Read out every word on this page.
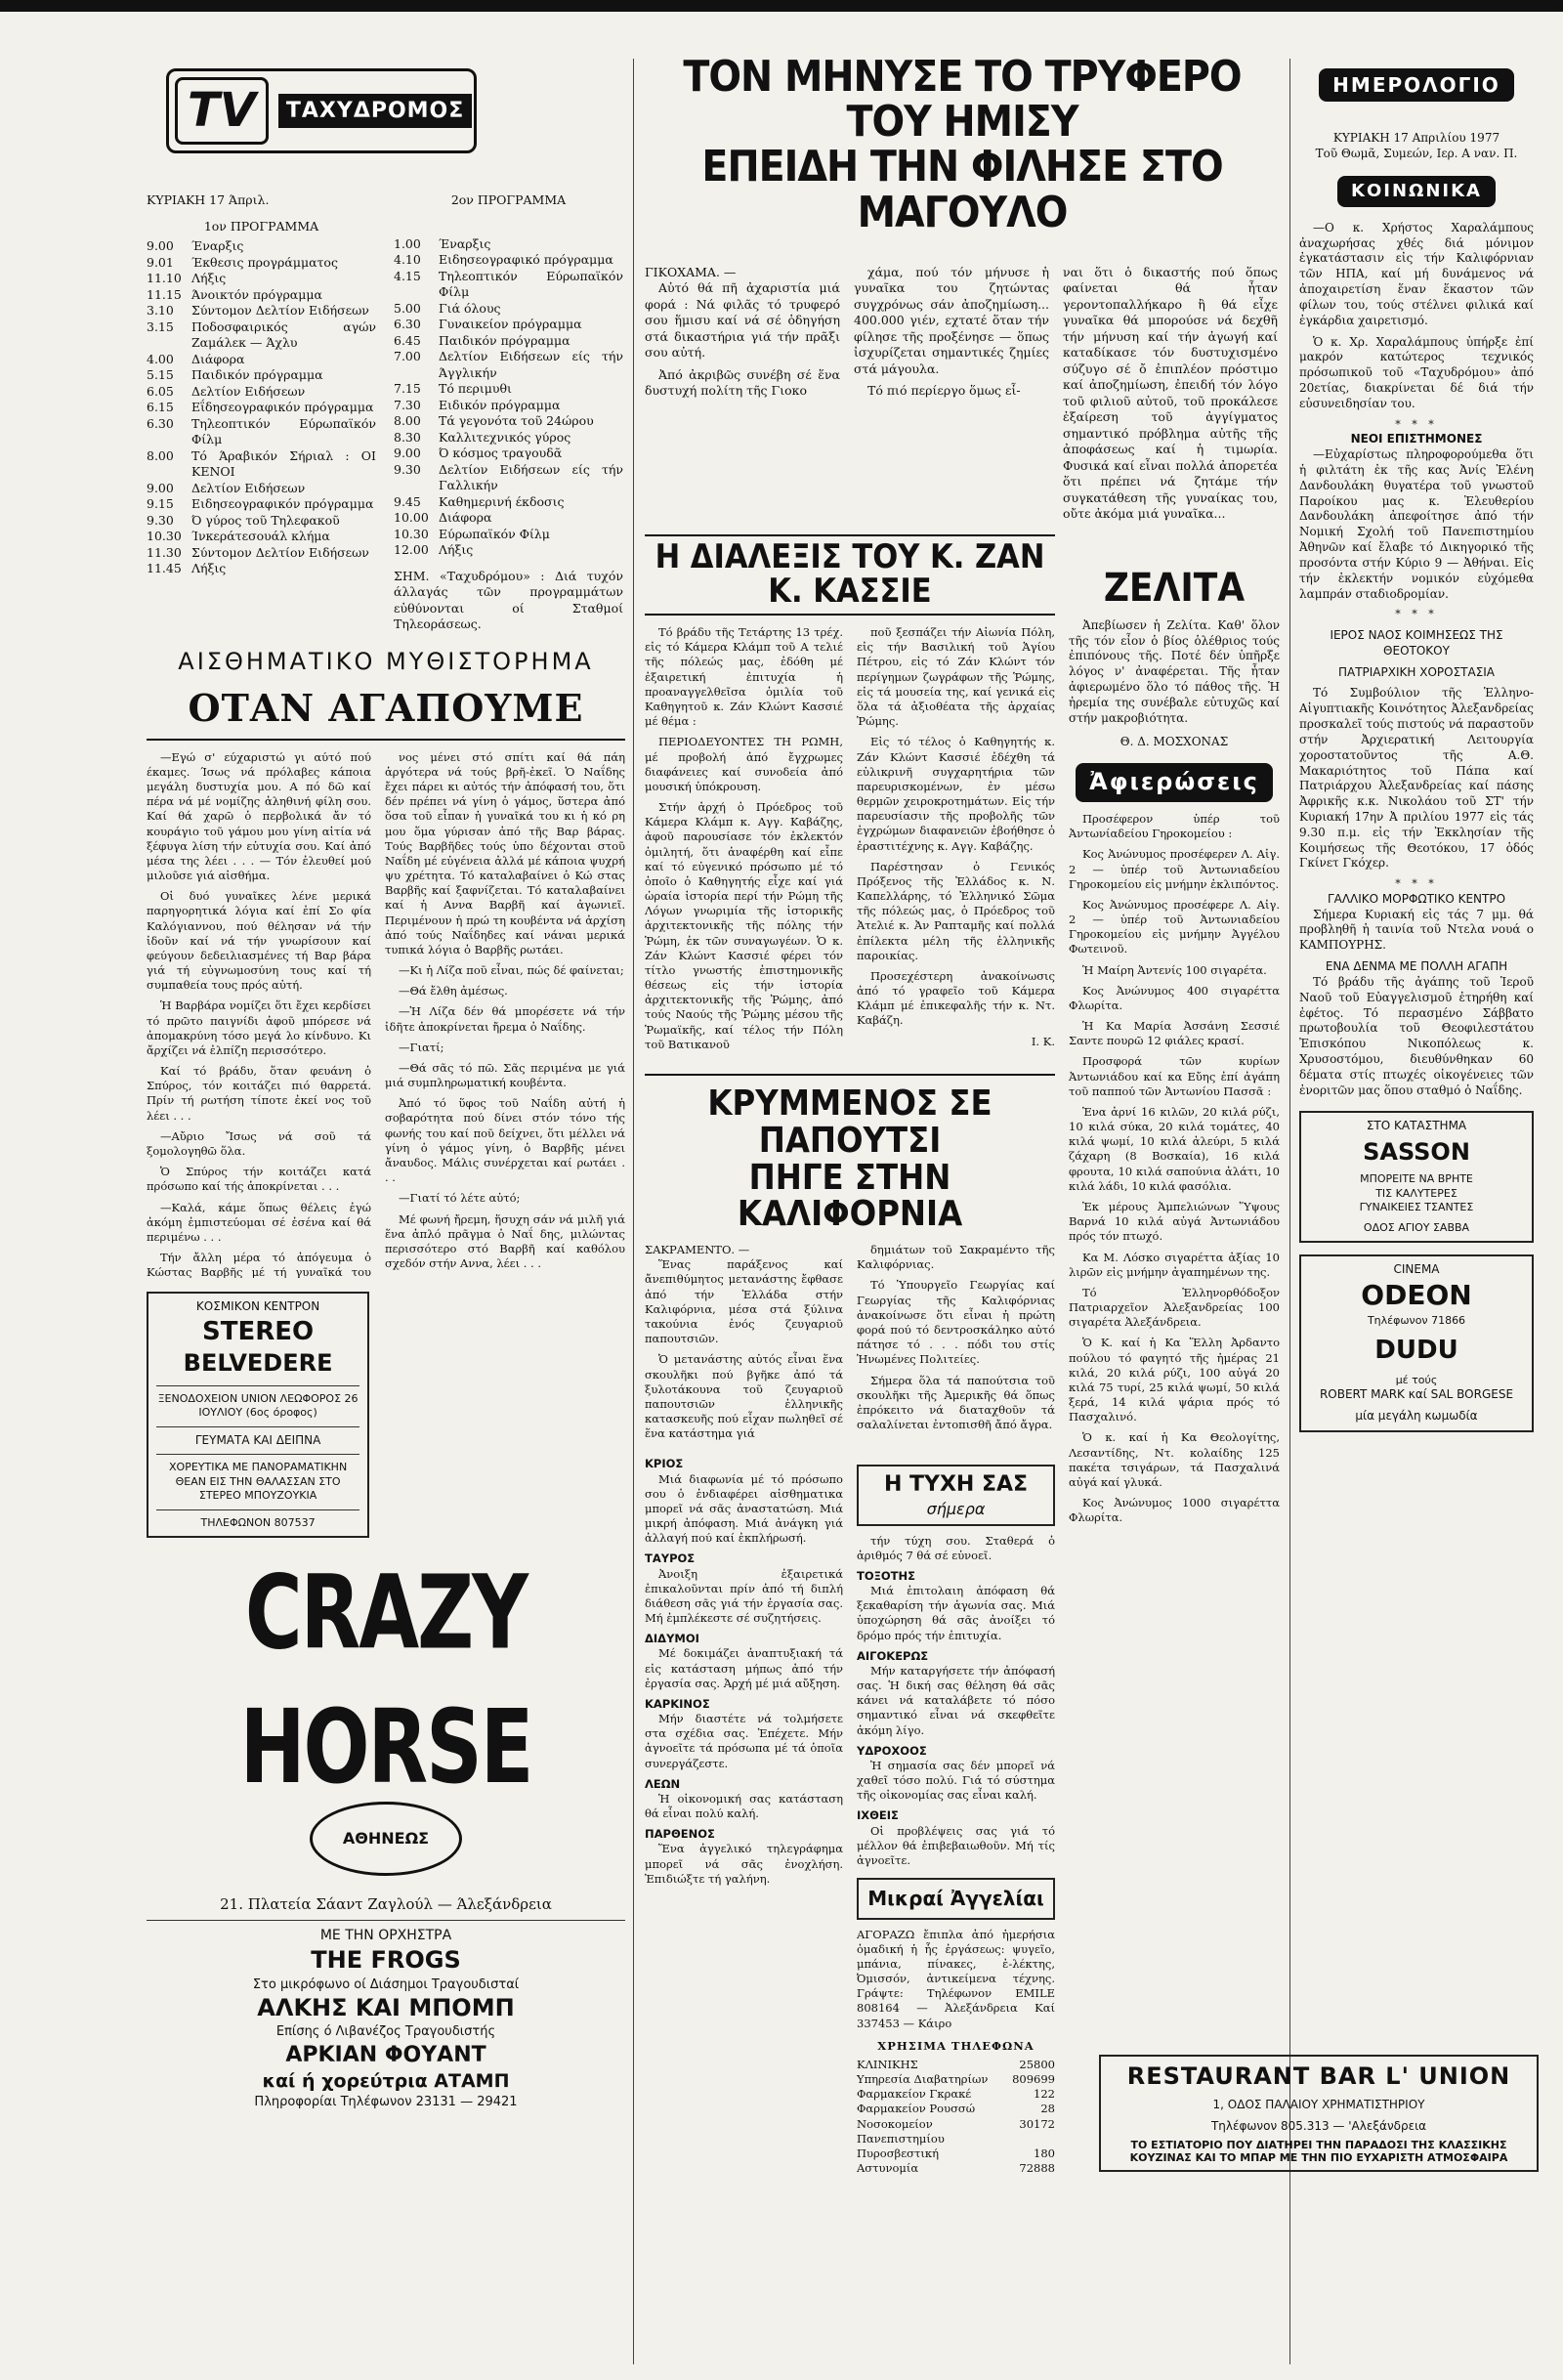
TV	ΤΑΧΥΔΡΟΜΟΣ
ΚΥΡΙΑΚΗ 17 Άπριλ.
1ον ΠΡΟΓΡΑΜΜΑ
9.00	Έναρξις
9.01	Έκθεσις προγράμματος
11.10 Λήξις
11.15 Άνοικτόν πρόγραμμα
3.10	Σύντομον Δελτίον Ειδήσεων
3.15	Ποδοσφαιρικός αγών Ζαμάλεκ — Άχλυ
4.00	Διάφορα
5.15	Παιδικόν πρόγραμμα
6.05	Δελτίον Ειδήσεων
6.15	Εΐδησεογραφικόν πρόγραμμα
6.30	Τηλεοπτικόν Εύρωπαϊκόν Φίλμ
8.00	Τό Άραβικόν Σήριαλ : ΟΙ ΚΕΝΟΙ
9.00	Δελτίον Ειδήσεων
9.15	Ειδησεογραφικόν πρόγραμμα
9.30	Ό γύρος τοῦ Τηλεφακοῦ
10.30 Ίνκεράτεσουάλ κλήμα
11.30 Σύντομον Δελτίον Ειδήσεων
11.45 Λήξις
2ον ΠΡΟΓΡΑΜΜΑ
1.00	Έναρξις
4.10	Ειδησεογραφικό πρόγραμμα
4.15	Τηλεοπτικόν Εύρωπαϊκόν Φίλμ
5.00	Γιά όλους
6.30	Γυναικείον πρόγραμμα
6.45	Παιδικόν πρόγραμμα
7.00	Δελτίον Ειδήσεων είς τήν Άγγλικήν
7.15	Τό περιμυθι
7.30	Ειδικόν πρόγραμμα
8.00	Τά γεγονότα τοῦ 24ώρου
8.30	Καλλιτεχνικός γύρος
9.00	Ό κόσμος τραγουδᾶ
9.30	Δελτίον Ειδήσεων είς τήν Γαλλικήν
9.45	Καθημερινή έκδοσις
10.00 Διάφορα
10.30 Εύρωπαϊκόν Φίλμ
12.00 Λήξις
ΣΗΜ. «Ταχυδρόμου» : Διά τυχόν άλλαγάς τῶν προγραμμάτων εὐθύνονται οί Σταθμοί Τηλεοράσεως.
ΑΙΣΘΗΜΑΤΙΚΟ ΜΥΘΙΣΤΟΡΗΜΑ
ΟΤΑΝ ΑΓΑΠΟΥΜΕ

—Εγώ σ' εύχαριστώ γι αύτό πού έκαμες. Ίσως νά πρόλαβες κάποια μεγάλη δυστυχία μου. Α πό δῶ καί πέρα νά μέ νομίζης ἀληθινή φίλη σου. Καί θά χαρῶ ὁ περβολικά ἄν τό κουράγιο τοῦ γάμου μου γίνη αἰτία νά ξέφυγα λίση τήν εὐτυχία σου. Καί ἀπό μέσα της λέει . . . — Τόν ἐλευθεί μού μιλοῦσε γιά αἰσθήμα.

Οἱ δυό γυναῖκες λένε μερικά παρηγορητικά λόγια καί ἐπί Σο φία Καλόγιαννου, πού θέλησαν νά τήν ἰδοῦν καί νά τήν γνωρίσουν καί φεύγουν δεδειλιασμένες τή Βαρ βάρα γιά τή εὐγνωμοσύνη τους καί τή συμπαθεία τους πρός αὐτή.

Ἡ Βαρβάρα νομίζει ὅτι ἔχει κερδίσει τό πρῶτο παιγνίδι ἀφοῦ μπόρεσε νά ἀπομακρύνη τόσο μεγά λο κίνδυνο. Κι ἄρχίζει νά ἐλπίζη περισσότερο.

Καί τό βράδυ, ὅταν φευάνη ὁ Σπύρος, τόν κοιτάζει πιό θαρρετά. Πρίν τή ρωτήση τίποτε ἐκεί νος τοῦ λέει . . .

—Αὔριο Ἴσως νά σοῦ τά ξομολογηθῶ ὅλα.

Ὁ Σπύρος τήν κοιτάζει κατά πρόσωπο καί τής ἀποκρίνεται . . .

—Καλά, κάμε ὅπως θέλεις ἐγώ ἀκόμη ἐμπιστεύομαι σέ ἐσένα καί θά περιμένω . . .

Τήν ἄλλη μέρα τό ἀπόγευμα ὁ Κώστας Βαρβῆς μέ τή γυναῖκά του

νος μένει στό σπίτι καί θά πάη ἀργότερα νά τούς βρῆ-ἐκεῖ. Ὁ Ναΐδης ἔχει πάρει κι αὐτός τήν ἀπόφασή του, ὅτι δέν πρέπει νά γίνη ὁ γάμος, ὕστερα ἀπό ὅσα τοῦ εἶπαν ἡ γυναῖκά του κι ἡ κό ρη μου ὅμα γύρισαν ἀπό τῆς Βαρ βάρας. Τούς Βαρβῆδες τούς ὑπο δέχονται στοῦ Ναΐδη μέ εὐγένεια ἀλλά μέ κάποια ψυχρή ψυ χρέτητα. Τό καταλαβαίνει ὁ Κώ στας Βαρβῆς καί ξαφνίζεται. Τό καταλαβαίνει καί ἡ Αννα Βαρβῆ καί ἀγωνιεῖ. Περιμένουν ἡ πρώ τη κουβέντα νά ἀρχίση ἀπό τούς Ναΐδηδες καί νάναι μερικά τυπικά λόγια ὁ Βαρβῆς ρωτάει.

—Κι ἡ Λίζα ποῦ εἶναι, πώς δέ φαίνεται;

—Θά ἔλθη ἀμέσως.

—Ἡ Λίζα δέν θά μπορέσετε νά τήν ἰδῆτε ἀποκρίνεται ἤρεμα ὁ Ναΐδης.

—Γιατί;

—Θά σᾶς τό πῶ. Σᾶς περιμένα με γιά μιά συμπληρωματική κουβέντα.

Ἀπό τό ὕφος τοῦ Ναΐδη αὐτή ἡ σοβαρότητα πού δίνει στόν τόνο τής φωνής του καί ποῦ δείχνει, ὅτι μέλλει νά γίνη ὁ γάμος γίνη, ὁ Βαρβῆς μένει ἄναυδος. Μάλις συνέρχεται καί ρωτάει . . .

—Γιατί τό λέτε αὐτό;

Μέ φωνή ἤρεμη, ἥσυχη σάν νά μιλῆ γιά ἕνα ἁπλό πρᾶγμα ὁ Ναΐ δης, μιλώντας περισσότερο στό Βαρβῆ καί καθόλου σχεδόν στήν Αννα, λέει . . .

ΚΟΣΜΙΚΟΝ ΚΕΝΤΡΟΝ
STEREO
BELVEDERE
ΞΕΝΟΔΟΧΕΙΟΝ UNION ΛΕΩΦΟΡΟΣ 26 ΙΟΥΛΙΟΥ (6ος όροφος)
ΓΕΥΜΑΤΑ ΚΑΙ ΔΕΙΠΝΑ
ΧΟΡΕΥΤΙΚΑ ΜΕ ΠΑΝΟΡΑΜΑΤΙΚΗΝ ΘΕΑΝ ΕΙΣ ΤΗΝ ΘΑΛΑΣΣΑΝ ΣΤΟ ΣΤΕΡΕΟ ΜΠΟΥΖΟΥΚΙΑ
ΤΗΛΕΦΩΝΟΝ 807537
CRAZY HORSE
ΑΘΗΝΕΩΣ
21. Πλατεία Σάαντ Ζαγλούλ — Άλεξάνδρεια
ΜΕ ΤΗΝ ΟΡΧΗΣΤΡΑ
THE FROGS
Στο μικρόφωνο οί Διάσημοι Τραγουδισταί
ΑΛΚΗΣ ΚΑΙ ΜΠΟΜΠ
Επίσης ό Λιβανέζος Τραγουδιστής
ΑΡΚΙΑΝ ΦΟΥΑΝΤ
καί ή χορεύτρια ΑΤΑΜΠ
Πληροφορίαι Τηλέφωνον 23131 — 29421
ΤΟΝ ΜΗΝΥΣΕ ΤΟ ΤΡΥΦΕΡΟ ΤΟΥ ΗΜΙΣΥ
ΕΠΕΙΔΗ ΤΗΝ ΦΙΛΗΣΕ ΣΤΟ ΜΑΓΟΥΛΟ
ΓΙΚΟΧΑΜΑ. —

Αὐτό θά πῆ ἀχαριστία μιά φορά : Νά φιλᾶς τό τρυφερό σου ἥμισυ καί νά σέ ὁδηγήση στά δικαστήρια γιά τήν πρᾶξι σου αὐτή.

Ἀπό ἀκριβῶς συνέβη σέ ἕνα δυστυχή πολίτη τῆς Γιοκο

χάμα, πού τόν μήνυσε ἡ γυναῖκα του ζητώντας συγχρόνως σάν ἀποζημίωση... 400.000 γιέν, εχτατέ ὅταν τήν φίλησε τῆς προξένησε — ὅπως ἰσχυρίζεται σημαντικές ζημίες στά μάγουλα.

Τό πιό περίεργο ὅμως εἶ-

ναι ὅτι ὁ δικαστής πού ὅπως φαίνεται θά ἦταν γεροντοπαλλήκαρο ἢ θά εἶχε γυναῖκα θά μπορούσε νά δεχθῆ τήν μήνυση καί τήν ἀγωγή καί καταδίκασε τόν δυστυχισμένο σύζυγο σέ ὄ ἐπιπλέον πρόστιμο καί ἀποζημίωση, ἐπειδή τόν λόγο τοῦ φιλιοῦ αὐτοῦ, τοῦ προκάλεσε ἐξαίρεση τοῦ ἀγγίγματος σημαντικό πρόβλημα αὐτῆς τῆς ἀποφάσεως καί ἡ τιμωρία. Φυσικά καί εἶναι πολλά ἀπορετέα ὅτι πρέπει νά ζητάμε τήν συγκατάθεση τῆς γυναίκας του, οὔτε ἀκόμα μιά γυναῖκα...

Η ΔΙΑΛΕΞΙΣ ΤΟΥ Κ. ΖΑΝ Κ. ΚΑΣΣΙΕ

Τό βράδυ τῆς Τετάρτης 13 τρέχ. εἰς τό Κάμερα Κλάμπ τοῦ Α τελιέ τῆς πόλεώς μας, ἐδόθη μέ ἐξαιρετική ἐπιτυχία ἡ προαναγγελθεῖσα ὁμιλία τοῦ Καθηγητοῦ κ. Ζάν Κλώντ Κασσιέ μέ θέμα :

ΠΕΡΙΟΔΕΥΟΝΤΕΣ ΤΗ ΡΩΜΗ, μέ προβολή ἀπό ἔγχρωμες διαφάνειες καί συνοδεία ἀπό μουσική ὑπόκρουση.

Στήν ἀρχή ὁ Πρόεδρος τοῦ Κάμερα Κλάμπ κ. Αγγ. Καβάζης, ἀφοῦ παρουσίασε τόν ἐκλεκτόν ὁμιλητή, ὅτι ἀναφέρθη καί εἶπε καί τό εὐγενικό πρόσωπο μέ τό ὁποῖο ὁ Καθηγητής εἶχε καί γιά ὡραία ἱστορία περί τήν Ρώμη τῆς Λόγων γνωριμία τῆς ἱστορικῆς ἀρχιτεκτονικῆς τῆς πόλης τήν Ῥώμη, ἐκ τῶν συναγωγέων. Ὁ κ. Ζάν Κλώντ Κασσιέ φέρει τόν τίτλο γνωστής ἐπιστημονικῆς θέσεως εἰς τήν ἱστορία ἀρχιτεκτονικῆς τῆς Ῥώμης, ἀπό τούς Ναούς τῆς Ῥώμης μέσου τῆς Ῥωμαϊκῆς, καί τέλος τήν Πόλη τοῦ Βατικανοῦ

ποῦ ξεσπάζει τήν Αἰωνία Πόλη, εἰς τήν Βασιλική τοῦ Ἁγίου Πέτρου, εἰς τό Ζάν Κλώντ τόν περίγημων ζωγράφων τῆς Ῥώμης, εἰς τά μουσεία της, καί γενικά εἰς ὅλα τά ἀξιοθέατα τῆς ἀρχαίας Ῥώμης.

Εἰς τό τέλος ὁ Καθηγητής κ. Ζάν Κλώντ Κασσιέ ἐδέχθη τά εὐλικρινῆ συγχαρητήρια τῶν παρευρισκομένων, ἐν μέσω θερμῶν χειροκροτημάτων. Εἰς τήν παρευσίασιν τῆς προβολῆς τῶν ἐγχρώμων διαφανειῶν ἐβοήθησε ὁ ἐραστιτέχνης κ. Αγγ. Καβάζης.

Παρέστησαν ὁ Γενικός Πρόξενος τῆς Ἑλλάδος κ. Ν. Καπελλάρης, τό Ἑλληνικό Σῶμα τῆς πόλεώς μας, ὁ Πρόεδρος τοῦ Ἀτελιέ κ. Ἀν Ραπταμῆς καί πολλά ἐπίλεκτα μέλη τῆς ἑλληνικῆς παροικίας.

Προσεχέστερη ἀνακοίνωσις ἀπό τό γραφεῖο τοῦ Κάμερα Κλάμπ μέ ἐπικεφαλῆς τήν κ. Ντ. Καβάζη.

Ι. Κ.
ΚΡΥΜΜΕΝΟΣ ΣΕ ΠΑΠΟΥΤΣΙ
ΠΗΓΕ ΣΤΗΝ ΚΑΛΙΦΟΡΝΙΑ
ΣΑΚΡΑΜΕΝΤΟ. —

Ἕνας παράξενος καί ἄνεπιθύμητος μετανάστης ἔφθασε ἀπό τήν Ἑλλάδα στήν Καλιφόρνια, μέσα στά ξύλινα τακούνια ἑνός ζευγαριοῦ παπουτσιῶν.

Ὁ μετανάστης αὐτός εἶναι ἕνα σκουλῆκι πού βγῆκε ἀπό τά ξυλοτάκουνα τοῦ ζευγαριοῦ παπουτσιῶν ἑλληνικῆς κατασκευῆς πού εἶχαν πωληθεῖ σέ ἕνα κατάστημα γιά

δημιάτων τοῦ Σακραμέντο τῆς Καλιφόρνιας.

Τό Ὑπουργεῖο Γεωργίας καί Γεωργίας τῆς Καλιφόρνιας ἀνακοίνωσε ὅτι εἶναι ἡ πρώτη φορά πού τό δεντροσκάληκο αὐτό πάτησε τό . . . πόδι του στίς Ἡνωμένες Πολιτείες.

Σήμερα ὅλα τά παπούτσια τοῦ σκουλῆκι τῆς Ἀμερικῆς θά ὅπως ἐπρόκειτο νά διαταχθοῦν τά σαλαλίνεται ἐντοπισθῆ ἄπό ἄγρα.

ΚΡΙΟΣ

Μιά διαφωνία μέ τό πρόσωπο σου ὁ ἐνδιαφέρει αἰσθηματικα μπορεῖ νά σᾶς ἀναστατώση. Μιά μικρή ἀπόφαση. Μιά ἀνάγκη γιά ἀλλαγή πού καί ἐκπλήρωσή.

ΤΑΥΡΟΣ

Ἀνοιξη ἐξαιρετικά ἐπικαλοῦνται πρίν ἀπό τή διπλή διάθεση σᾶς γιά τήν ἐργασία σας. Μή ἐμπλέκεστε σέ συζητήσεις.

ΔΙΔΥΜΟΙ

Μέ δοκιμάζει ἀναπτυξιακή τά εἰς κατάσταση μήπως ἀπό τήν ἐργασία σας. Ἀρχή μέ μιά αὔξηση.

ΚΑΡΚΙΝΟΣ

Μήν διαστέτε νά τολμήσετε στα σχέδια σας. Ἐπέχετε. Μήν ἀγνοεῖτε τά πρόσωπα μέ τά ὁποῖα συνεργάζεστε.

ΛΕΩΝ

Ἡ οἰκονομική σας κατάσταση θά εἶναι πολύ καλή.

ΠΑΡΘΕΝΟΣ

Ἕνα ἀγγελικό τηλεγράφημα μπορεῖ νά σᾶς ἐνοχλήση. Ἐπιδιώξτε τή γαλήνη.

Η ΤΥΧΗ ΣΑΣ
σήμερα

τήν τύχη σου. Σταθερά ὁ ἀριθμός 7 θά σέ εὐνοεῖ.

ΤΟΞΟΤΗΣ

Μιά ἐπιτολαιη ἀπόφαση θά ξεκαθαρίση τήν ἀγωνία σας. Μιά ὑποχώρηση θά σᾶς ἀνοίξει τό δρόμο πρός τήν ἐπιτυχία.

ΑΙΓΟΚΕΡΩΣ

Μήν καταργήσετε τήν ἀπόφασή σας. Ἡ δική σας θέληση θά σᾶς κάνει νά καταλάβετε τό πόσο σημαντικό εἶναι νά σκεφθεῖτε ἀκόμη λίγο.

ΥΔΡΟΧΟΟΣ

Ἡ σημασία σας δέν μπορεῖ νά χαθεῖ τόσο πολύ. Γιά τό σύστημα τῆς οἰκονομίας σας εἶναι καλή.

ΙΧΘΕΙΣ

Οἱ προβλέψεις σας γιά τό μέλλον θά ἐπιβεβαιωθοῦν. Μή τίς ἀγνοεῖτε.

Μικραί Ἀγγελίαι
ΑΓΟΡΑΖΩ ἔπιπλα ἀπό ἡμερήσια ὁμαδική ἡ ἧς ἐργάσεως: ψυγεῖο, μπάνια, πίνακες, ἐ-λέκτης, Ὀμισσόν, ἀντικείμενα τέχνης. Γράψτε: Τηλέφωνον EMILE 808164 — Ἀλεξάνδρεια Καί 337453 — Κάιρο
ΧΡΗΣΙΜΑ ΤΗΛΕΦΩΝΑ
ΚΛΙΝΙΚΗΣ	25800
Υπηρεσία Διαβατηρίων 809699
Φαρμακείον Γκρακέ	122
Φαρμακείον Ρουσσώ	28
Νοσοκομείον Πανεπιστημίου
30172
Πυροσβεστική	180
Αστυνομία	72888
ΖΕΛΙΤΑ

Ἀπεβίωσεν ἡ Ζελίτα. Καθ' ὅλον τῆς τόν εἶον ὁ βίος ὁλέθριος τούς ἐπιπόνους τῆς. Ποτέ δέν ὑπῆρξε λόγος ν' ἀναφέρεται. Τῆς ἦταν ἀφιερωμένο ὅλο τό πάθος τῆς. Ἡ ἠρεμία της συνέβαλε εὐτυχῶς καί στήν μακροβιότητα.

Θ. Δ. ΜΟΣΧΟΝΑΣ
Ἀφιερώσεις

Προσέφερον ὑπέρ τοῦ Ἀντωνίαδείου Γηροκομείου :

Κος Ἀνώνυμος προσέφερεν Λ. Αἰγ. 2 — ὑπέρ τοῦ Ἀντωνιαδείου Γηροκομείου εἰς μνήμην ἐκλιπόντος.

Κος Ἀνώνυμος προσέφερε Λ. Αἰγ. 2 — ὑπέρ τοῦ Ἀντωνιαδείου Γηροκομείου εἰς μνήμην Ἀγγέλου Φωτεινοῦ.

Ἡ Μαίρη Ἀντενίς 100 σιγαρέτα.

Κος Ἀνώνυμος 400 σιγαρέττα Φλωρίτα.

Ἡ Κα Μαρία Ἀσσάνη Σεσσιέ Σαντε πουρῶ 12 φιάλες κρασί.

Προσφορά τῶν κυρίων Ἀντωνιάδου καί κα Εὔης ἐπί ἀγάπη τοῦ παππού τῶν Ἀντωνίου Πασσᾶ :

Ἐνα ἀρνί 16 κιλῶν, 20 κιλά ρύζι, 10 κιλά σύκα, 20 κιλά τομάτες, 40 κιλά ψωμί, 10 κιλά ἀλεύρι, 5 κιλά ζάχαρη (8 Βοσκαία), 16 κιλά φρουτα, 10 κιλά σαπούνια ἀλάτι, 10 κιλά λάδι, 10 κιλά φασόλια.

Ἐκ μέρους Ἀμπελιώνων Ὕψους Βαρνά 10 κιλά αὐγά Ἀντωνιάδου πρός τόν πτωχό.

Κα Μ. Λόσκο σιγαρέττα ἀξίας 10 λιρῶν εἰς μνήμην ἀγαπημένων της.

Τό Ἑλληνορθόδοξον Πατριαρχεῖον Ἀλεξανδρείας 100 σιγαρέτα Ἀλεξάνδρεια.

Ὁ Κ. καί ἡ Κα Ἕλλη Ἀρδαντο πούλου τό φαγητό τῆς ἡμέρας 21 κιλά, 20 κιλά ρύζι, 100 αὐγά 20 κιλά 75 τυρί, 25 κιλά ψωμί, 50 κιλά ξερά, 14 κιλά ψάρια πρός τό Πασχαλινό.

Ὁ κ. καί ἡ Κα Θεολογίτης, Λεσαντίδης, Ντ. κολαίδης 125 πακέτα τσιγάρων, τά Πασχαλινά αὐγά καί γλυκά.

Κος Ἀνώνυμος 1000 σιγαρέττα Φλωρίτα.

ΗΜΕΡΟΛΟΓΙΟ
ΚΥΡΙΑΚΗ 17 Απριλίου 1977
Τοῦ Θωμᾶ, Συμεών, Ιερ. Α ναν. Π.
ΚΟΙΝΩΝΙΚΑ

—Ο κ. Χρήστος Χαραλάμπους ἀναχωρήσας χθές διά μόνιμον ἐγκατάστασιν εἰς τήν Καλιφόρνιαν τῶν ΗΠΑ, καί μή δυνάμενος νά ἀποχαιρετίση ἕναν ἕκαστον τῶν φίλων του, τούς στέλνει φιλικά καί ἐγκάρδια χαιρετισμό.

Ὁ κ. Χρ. Χαραλάμπους ὑπήρξε ἐπί μακρόν κατώτερος τεχνικός πρόσωπικοῦ τοῦ «Ταχυδρόμου» ἀπό 20ετίας, διακρίνεται δέ διά τήν εὐσυνειδησίαν του.

* * *
ΝΕΟΙ ΕΠΙΣΤΗΜΟΝΕΣ

—Εὐχαρίστως πληροφορούμεθα ὅτι ἡ φιλτάτη ἐκ τῆς κας Ἀνίς Ἐλένη Δανδουλάκη θυγατέρα τοῦ γνωστοῦ Παροίκου μας κ. Ἐλευθερίου Δανδουλάκη ἀπεφοίτησε ἀπό τήν Νομική Σχολή τοῦ Πανεπιστημίου Ἀθηνῶν καί ἔλαβε τό Δικηγορικό τῆς προσόντα στήν Κύριο 9 — Ἀθήναι. Εἰς τήν ἐκλεκτήν νομικόν εὐχόμεθα λαμπράν σταδιοδρομίαν.

* * *
ΙΕΡΟΣ ΝΑΟΣ ΚΟΙΜΗΣΕΩΣ ΤΗΣ ΘΕΟΤΟΚΟΥ
ΠΑΤΡΙΑΡΧΙΚΗ ΧΟΡΟΣΤΑΣΙΑ

Τό Συμβούλιον τῆς Ἑλληνο-Αἰγυπτιακῆς Κοινότητος Ἀλεξανδρείας προσκαλεῖ τούς πιστούς νά παραστοῦν στήν Ἀρχιερατική Λειτουργία χοροστατοῦντος τῆς Α.Θ. Μακαριότητος τοῦ Πάπα καί Πατριάρχου Ἀλεξανδρείας καί πάσης Ἀφρικῆς κ.κ. Νικολάου τοῦ ΣΤ' τήν Κυριακή 17ην Ἀ πριλίου 1977 εἰς τάς 9.30 π.μ. εἰς τήν Ἐκκλησίαν τῆς Κοιμήσεως τῆς Θεοτόκου, 17 ὁδός Γκίνετ Γκόχερ.

* * *
ΓΑΛΛΙΚΟ ΜΟΡΦΩΤΙΚΟ ΚΕΝΤΡΟ

Σήμερα Κυριακή εἰς τάς 7 μμ. θά προβληθῆ ἡ ταινία τοῦ Ντελα νουά ο ΚΑΜΠΟΥΡΗΣ.

ΕΝΑ ΔΕΝΜΑ ΜΕ ΠΟΛΛΗ ΑΓΑΠΗ

Τό βράδυ τῆς ἀγάπης τοῦ Ἱεροῦ Ναοῦ τοῦ Εὐαγγελισμοῦ ἐτηρήθη καί ἐφέτος. Τό περασμένο Σάββατο πρωτοβουλία τοῦ Θεοφιλεστάτου Ἐπισκόπου Νικοπόλεως κ. Χρυσοστόμου, διευθύνθηκαν 60 δέματα στίς πτωχές οἰκογένειες τῶν ἐνοριτῶν μας ὅπου σταθμό ὁ Ναΐδης.

ΣΤΟ ΚΑΤΑΣΤΗΜΑ
SASSON
ΜΠΟΡΕΙΤΕ ΝΑ ΒΡΗΤΕ
ΤΙΣ ΚΑΛΥΤΕΡΕΣ
ΓΥΝΑΙΚΕΙΕΣ ΤΣΑΝΤΕΣ
ΟΔΟΣ ΑΓΙΟΥ ΣΑΒΒΑ
CINEMA
ODEON
Τηλέφωνον 71866
DUDU
μέ τούς
ROBERT MARK καί SAL BORGESE
μία μεγάλη κωμωδία
RESTAURANT BAR L' UNION
1, ΟΔΟΣ ΠΑΛΑΙΟΥ ΧΡΗΜΑΤΙΣΤΗΡΙΟΥ
Τηλέφωνον 805.313 — 'Αλεξάνδρεια
ΤΟ ΕΣΤΙΑΤΟΡΙΟ ΠΟΥ ΔΙΑΤΗΡΕΙ ΤΗΝ ΠΑΡΑΔΟΣΙ ΤΗΣ ΚΛΑΣΣΙΚΗΣ ΚΟΥΖΙΝΑΣ ΚΑΙ ΤΟ ΜΠΑΡ ΜΕ ΤΗΝ ΠΙΟ ΕΥΧΑΡΙΣΤΗ ΑΤΜΟΣΦΑΙΡΑ
